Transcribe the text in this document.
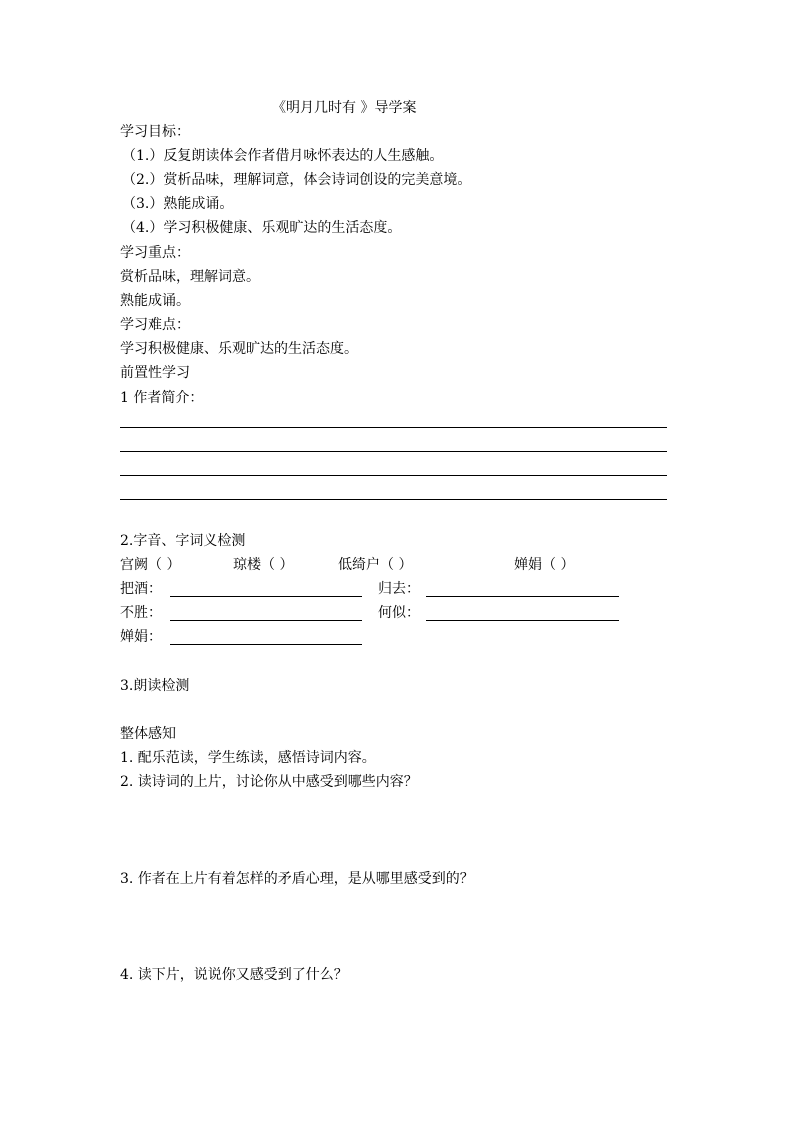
《明月几时有 》导学案
学习目标：
（1.）反复朗读体会作者借月咏怀表达的人生感触。
（2.）赏析品味，理解词意，体会诗词创设的完美意境。
（3.）熟能成诵。
（4.）学习积极健康、乐观旷达的生活态度。
学习重点：
赏析品味，理解词意。
熟能成诵。
学习难点：
学习积极健康、乐观旷达的生活态度。
前置性学习
1 作者简介：
2.字音、字词义检测
宫阙（ ）	琼楼（ ）	低绮户（ ）	婵娟（ ）
把酒：	归去：
不胜：	何似：
婵娟：
3.朗读检测
整体感知
1. 配乐范读，学生练读，感悟诗词内容。
2. 读诗词的上片，讨论你从中感受到哪些内容？
3. 作者在上片有着怎样的矛盾心理，是从哪里感受到的？
4. 读下片，说说你又感受到了什么？
